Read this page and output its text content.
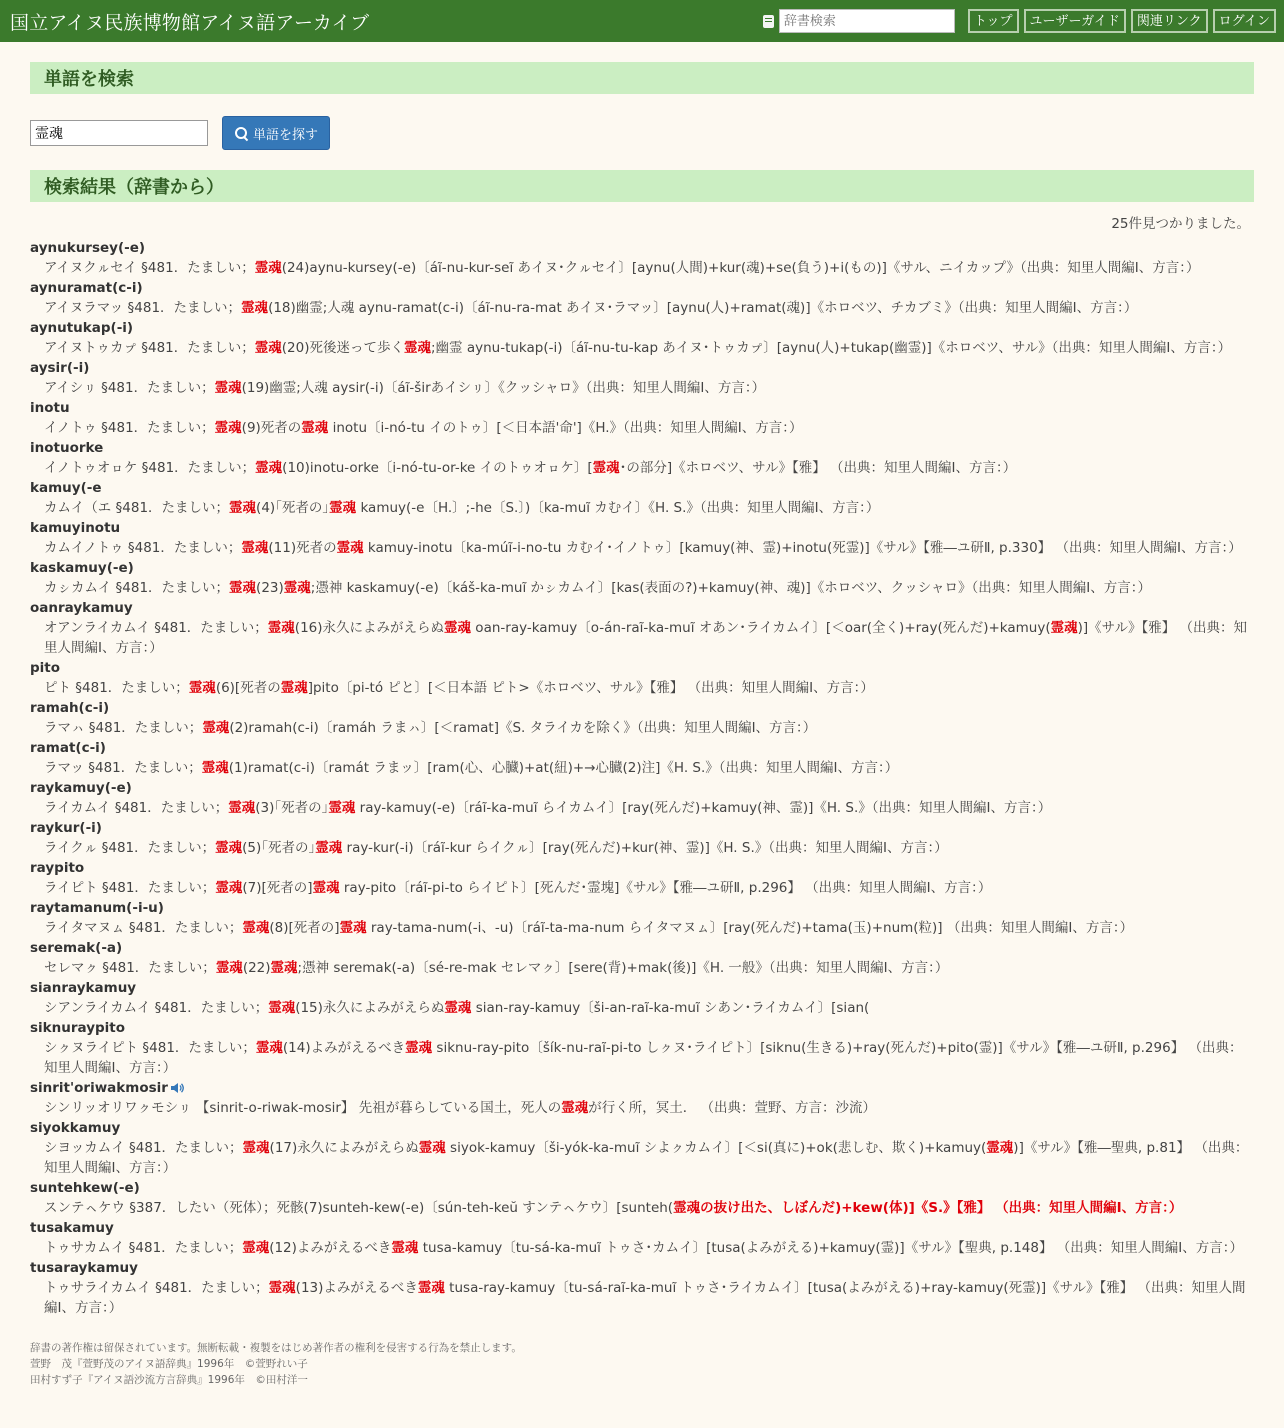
国立アイヌ民族博物館アイヌ語アーカイブ
辞書検索	トップ	ユーザーガイド	関連リンク	ログイン
単語を検索
霊魂
単語を探す
検索結果（辞書から）
25件見つかりました。
aynukursey(-e)
アイヌクㇽセイ §481．たましい；霊魂(24)aynu-kursey(-e)〔áĩ-nu-kur-seĩ あイヌ･クㇽセイ〕[aynu(人間)+kur(魂)+se(負う)+i(もの)]《サル、ニイカップ》（出典：知里人間編Ⅰ、方言：）
aynuramat(c-i)
アイヌラマッ §481．たましい；霊魂(18)幽霊;人魂 aynu-ramat(c-i)〔áĩ-nu-ra-mat あイヌ･ラマッ〕[aynu(人)+ramat(魂)]《ホロベツ、チカブミ》（出典：知里人間編Ⅰ、方言：）
aynutukap(-i)
アイヌトゥカㇷ゚ §481．たましい；霊魂(20)死後迷って歩く霊魂;幽霊 aynu-tukap(-i)〔áĩ-nu-tu-kap あイヌ･トゥカㇷ゚〕[aynu(人)+tukap(幽霊)]《ホロベツ、サル》（出典：知里人間編Ⅰ、方言：）
aysir(-i)
アイシㇼ §481．たましい；霊魂(19)幽霊;人魂 aysir(-i)〔áĩ-širあイシㇼ〕《クッシャロ》（出典：知里人間編Ⅰ、方言：）
inotu
イノトゥ §481．たましい；霊魂(9)死者の霊魂 inotu〔i-nó-tu イのトゥ〕[＜日本語'命']《H.》（出典：知里人間編Ⅰ、方言：）
inotuorke
イノトゥオㇿケ §481．たましい；霊魂(10)inotu-orke〔i-nó-tu-or-ke イのトゥオㇿケ〕[霊魂･の部分]《ホロベツ、サル》【雅】 （出典：知里人間編Ⅰ、方言：）
kamuy(-e
カムイ（エ §481．たましい；霊魂(4)｢死者の｣霊魂 kamuy(-e〔H.〕;-he〔S.〕)〔ka-muĩ カむイ〕《H. S.》（出典：知里人間編Ⅰ、方言：）
kamuyinotu
カムイノトゥ §481．たましい；霊魂(11)死者の霊魂 kamuy-inotu〔ka-múĩ-i-no-tu カむイ･イノトゥ〕[kamuy(神、霊)+inotu(死霊)]《サル》【雅―ユ研Ⅱ, p.330】 （出典：知里人間編Ⅰ、方言：）
kaskamuy(-e)
カㇱカムイ §481．たましい；霊魂(23)霊魂;憑神 kaskamuy(-e)〔káš-ka-muĩ かㇱカムイ〕[kas(表面の?)+kamuy(神、魂)]《ホロベツ、クッシャロ》（出典：知里人間編Ⅰ、方言：）
oanraykamuy
オアンライカムイ §481．たましい；霊魂(16)永久によみがえらぬ霊魂 oan-ray-kamuy〔o-án-raĩ-ka-muĩ オあン･ライカムイ〕[＜oar(全く)+ray(死んだ)+kamuy(霊魂)]《サル》【雅】 （出典：知里人間編Ⅰ、方言：）
pito
ピト §481．たましい；霊魂(6)[死者の霊魂]pito〔pi-tó ピと〕[＜日本語 ピト>《ホロベツ、サル》【雅】 （出典：知里人間編Ⅰ、方言：）
ramah(c-i)
ラマㇵ §481．たましい；霊魂(2)ramah(c-i)〔ramáh ラまㇵ〕[＜ramat]《S. タライカを除く》（出典：知里人間編Ⅰ、方言：）
ramat(c-i)
ラマッ §481．たましい；霊魂(1)ramat(c-i)〔ramát ラまッ〕[ram(心、心臓)+at(紐)+→心臓(2)注]《H. S.》（出典：知里人間編Ⅰ、方言：）
raykamuy(-e)
ライカムイ §481．たましい；霊魂(3)｢死者の｣霊魂 ray-kamuy(-e)〔ráĩ-ka-muĩ らイカムイ〕[ray(死んだ)+kamuy(神、霊)]《H. S.》（出典：知里人間編Ⅰ、方言：）
raykur(-i)
ライクㇽ §481．たましい；霊魂(5)｢死者の｣霊魂 ray-kur(-i)〔ráĩ-kur らイクㇽ〕[ray(死んだ)+kur(神、霊)]《H. S.》（出典：知里人間編Ⅰ、方言：）
raypito
ライピト §481．たましい；霊魂(7)[死者の]霊魂 ray-pito〔ráĩ-pi-to らイピト〕[死んだ･霊塊]《サル》【雅―ユ研Ⅱ, p.296】 （出典：知里人間編Ⅰ、方言：）
raytamanum(-i-u)
ライタマヌㇺ §481．たましい；霊魂(8)[死者の]霊魂 ray-tama-num(-i、-u)〔ráĩ-ta-ma-num らイタマヌㇺ〕[ray(死んだ)+tama(玉)+num(粒)] （出典：知里人間編Ⅰ、方言：）
seremak(-a)
セレマㇰ §481．たましい；霊魂(22)霊魂;憑神 seremak(-a)〔sé-re-mak セレマㇰ〕[sere(背)+mak(後)]《H. 一般》（出典：知里人間編Ⅰ、方言：）
sianraykamuy
シアンライカムイ §481．たましい；霊魂(15)永久によみがえらぬ霊魂 sian-ray-kamuy〔ši-an-raĩ-ka-muĩ シあン･ライカムイ〕[sian(
siknuraypito
シㇰヌライピト §481．たましい；霊魂(14)よみがえるべき霊魂 siknu-ray-pito〔šík-nu-raĩ-pi-to しㇰヌ･ライピト〕[siknu(生きる)+ray(死んだ)+pito(霊)]《サル》【雅―ユ研Ⅱ, p.296】 （出典：知里人間編Ⅰ、方言：）
sinrit'oriwakmosir
シンリッオリワㇰモシㇼ 【sinrit-o-riwak-mosir】 先祖が暮らしている国土，死人の霊魂が行く所，冥土． （出典：萱野、方言：沙流）
siyokkamuy
シヨッカムイ §481．たましい；霊魂(17)永久によみがえらぬ霊魂 siyok-kamuy〔ši-yók-ka-muĩ シよㇰカムイ〕[＜si(真に)+ok(悲しむ、欺く)+kamuy(霊魂)]《サル》【雅―聖典, p.81】 （出典：知里人間編Ⅰ、方言：）
suntehkew(-e)
スンテㇸケウ §387．したい（死体）；死骸(7)sunteh-kew(-e)〔sún-teh-keŭ すンテㇸケウ〕[sunteh(霊魂の抜け出た、しぼんだ)+kew(体)]《S.》【雅】 （出典：知里人間編Ⅰ、方言：）
tusakamuy
トゥサカムイ §481．たましい；霊魂(12)よみがえるべき霊魂 tusa-kamuy〔tu-sá-ka-muĩ トゥさ･カムイ〕[tusa(よみがえる)+kamuy(霊)]《サル》【聖典, p.148】 （出典：知里人間編Ⅰ、方言：）
tusaraykamuy
トゥサライカムイ §481．たましい；霊魂(13)よみがえるべき霊魂 tusa-ray-kamuy〔tu-sá-raĩ-ka-muĩ トゥさ･ライカムイ〕[tusa(よみがえる)+ray-kamuy(死霊)]《サル》【雅】 （出典：知里人間編Ⅰ、方言：）
辞書の著作権は留保されています。無断転載・複製をはじめ著作者の権利を侵害する行為を禁止します。
萱野　茂『萱野茂のアイヌ語辞典』1996年　©萱野れい子
田村すず子『アイヌ語沙流方言辞典』1996年　©田村洋一
